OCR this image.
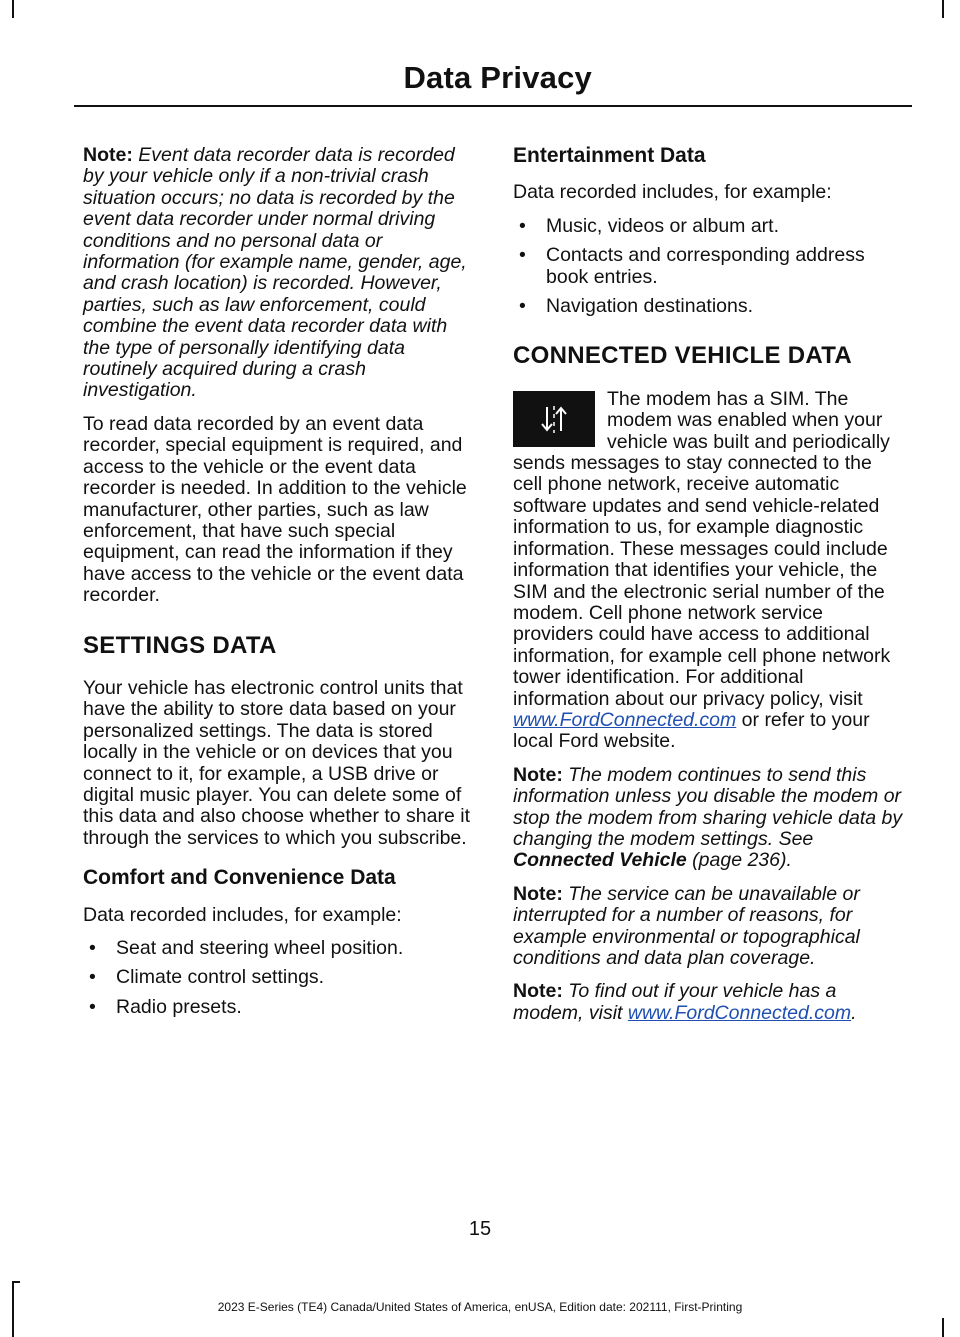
Data Privacy

Note: Event data recorder data is recorded by your vehicle only if a non-trivial crash situation occurs; no data is recorded by the event data recorder under normal driving conditions and no personal data or information (for example name, gender, age, and crash location) is recorded. However, parties, such as law enforcement, could combine the event data recorder data with the type of personally identifying data routinely acquired during a crash investigation.

To read data recorded by an event data recorder, special equipment is required, and access to the vehicle or the event data recorder is needed. In addition to the vehicle manufacturer, other parties, such as law enforcement, that have such special equipment, can read the information if they have access to the vehicle or the event data recorder.

SETTINGS DATA

Your vehicle has electronic control units that have the ability to store data based on your personalized settings. The data is stored locally in the vehicle or on devices that you connect to it, for example, a USB drive or digital music player. You can delete some of this data and also choose whether to share it through the services to which you subscribe.

Comfort and Convenience Data

Data recorded includes, for example:

• Seat and steering wheel position.
• Climate control settings.
• Radio presets.
Entertainment Data

Data recorded includes, for example:

• Music, videos or album art.
• Contacts and corresponding address book entries.
• Navigation destinations.
CONNECTED VEHICLE DATA

The modem has a SIM. The modem was enabled when your vehicle was built and periodically sends messages to stay connected to the cell phone network, receive automatic software updates and send vehicle-related information to us, for example diagnostic information. These messages could include information that identifies your vehicle, the SIM and the electronic serial number of the modem. Cell phone network service providers could have access to additional information, for example cell phone network tower identification. For additional information about our privacy policy, visit www.FordConnected.com or refer to your local Ford website.

Note: The modem continues to send this information unless you disable the modem or stop the modem from sharing vehicle data by changing the modem settings. See Connected Vehicle (page 236).

Note: The service can be unavailable or interrupted for a number of reasons, for example environmental or topographical conditions and data plan coverage.

Note: To find out if your vehicle has a modem, visit www.FordConnected.com.

15
2023 E-Series (TE4) Canada/United States of America, enUSA, Edition date: 202111, First-Printing
